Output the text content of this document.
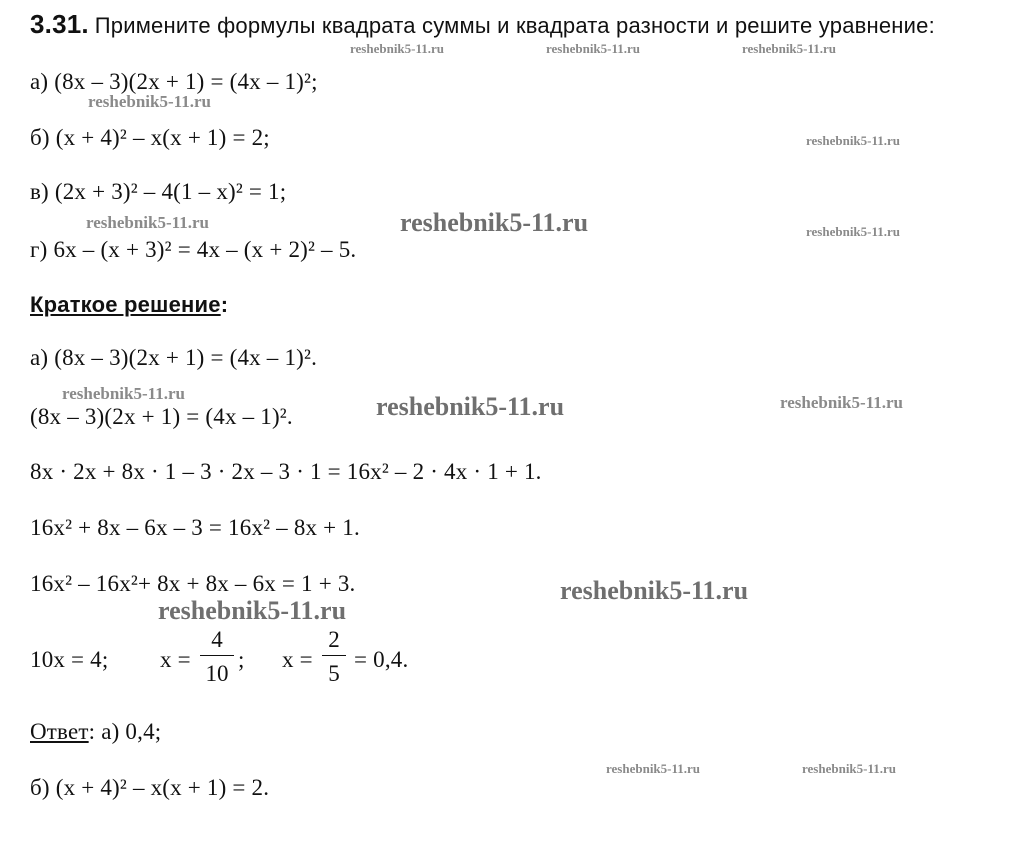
3.31. Примените формулы квадрата суммы и квадрата разности и решите уравнение:
а) (8x – 3)(2x + 1) = (4x – 1)²;
б) (x + 4)² – x(x + 1) = 2;
в) (2x + 3)² – 4(1 – x)² = 1;
г) 6x – (x + 3)² = 4x – (x + 2)² – 5.
Краткое решение:
а) (8x – 3)(2x + 1) = (4x – 1)².
(8x – 3)(2x + 1) = (4x – 1)².
8x · 2x + 8x · 1 – 3 · 2x – 3 · 1 = 16x² – 2 · 4x · 1 + 1.
16x² + 8x – 6x – 3 = 16x² – 8x + 1.
16x² – 16x²+ 8x + 8x – 6x = 1 + 3.
10x = 4; x =
4
10
; x =
2
5
= 0,4.
Ответ: а) 0,4;
б) (x + 4)² – x(x + 1) = 2.
reshebnik5-11.ru	reshebnik5-11.ru	reshebnik5-11.ru
reshebnik5-11.ru
reshebnik5-11.ru
reshebnik5-11.ru	reshebnik5-11.ru	reshebnik5-11.ru
reshebnik5-11.ru	reshebnik5-11.ru	reshebnik5-11.ru
reshebnik5-11.ru
reshebnik5-11.ru
reshebnik5-11.ru	reshebnik5-11.ru
